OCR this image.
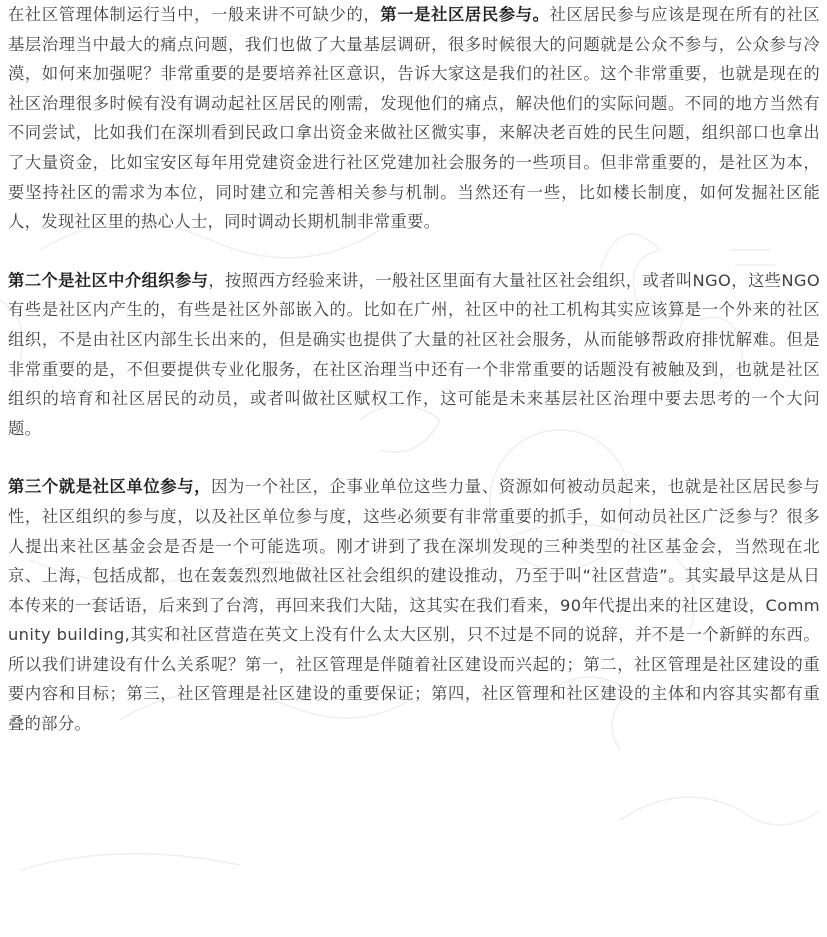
在社区管理体制运行当中，一般来讲不可缺少的，第一是社区居民参与。社区居民参与应该是现在所有的社区基层治理当中最大的痛点问题，我们也做了大量基层调研，很多时候很大的问题就是公众不参与，公众参与冷漠，如何来加强呢？非常重要的是要培养社区意识，告诉大家这是我们的社区。这个非常重要，也就是现在的社区治理很多时候有没有调动起社区居民的刚需，发现他们的痛点，解决他们的实际问题。不同的地方当然有不同尝试，比如我们在深圳看到民政口拿出资金来做社区微实事，来解决老百姓的民生问题，组织部口也拿出了大量资金，比如宝安区每年用党建资金进行社区党建加社会服务的一些项目。但非常重要的，是社区为本，要坚持社区的需求为本位，同时建立和完善相关参与机制。当然还有一些，比如楼长制度，如何发掘社区能人，发现社区里的热心人士，同时调动长期机制非常重要。

第二个是社区中介组织参与，按照西方经验来讲，一般社区里面有大量社区社会组织，或者叫NGO，这些NGO有些是社区内产生的，有些是社区外部嵌入的。比如在广州，社区中的社工机构其实应该算是一个外来的社区组织，不是由社区内部生长出来的，但是确实也提供了大量的社区社会服务，从而能够帮政府排忧解难。但是非常重要的是，不但要提供专业化服务，在社区治理当中还有一个非常重要的话题没有被触及到，也就是社区组织的培育和社区居民的动员，或者叫做社区赋权工作，这可能是未来基层社区治理中要去思考的一个大问题。

第三个就是社区单位参与，因为一个社区，企事业单位这些力量、资源如何被动员起来，也就是社区居民参与性，社区组织的参与度，以及社区单位参与度，这些必须要有非常重要的抓手，如何动员社区广泛参与？很多人提出来社区基金会是否是一个可能选项。刚才讲到了我在深圳发现的三种类型的社区基金会，当然现在北京、上海，包括成都，也在轰轰烈烈地做社区社会组织的建设推动，乃至于叫“社区营造”。其实最早这是从日本传来的一套话语，后来到了台湾，再回来我们大陆，这其实在我们看来，90年代提出来的社区建设，Community building,其实和社区营造在英文上没有什么太大区别，只不过是不同的说辞，并不是一个新鲜的东西。所以我们讲建设有什么关系呢？第一，社区管理是伴随着社区建设而兴起的；第二，社区管理是社区建设的重要内容和目标；第三，社区管理是社区建设的重要保证；第四，社区管理和社区建设的主体和内容其实都有重叠的部分。
